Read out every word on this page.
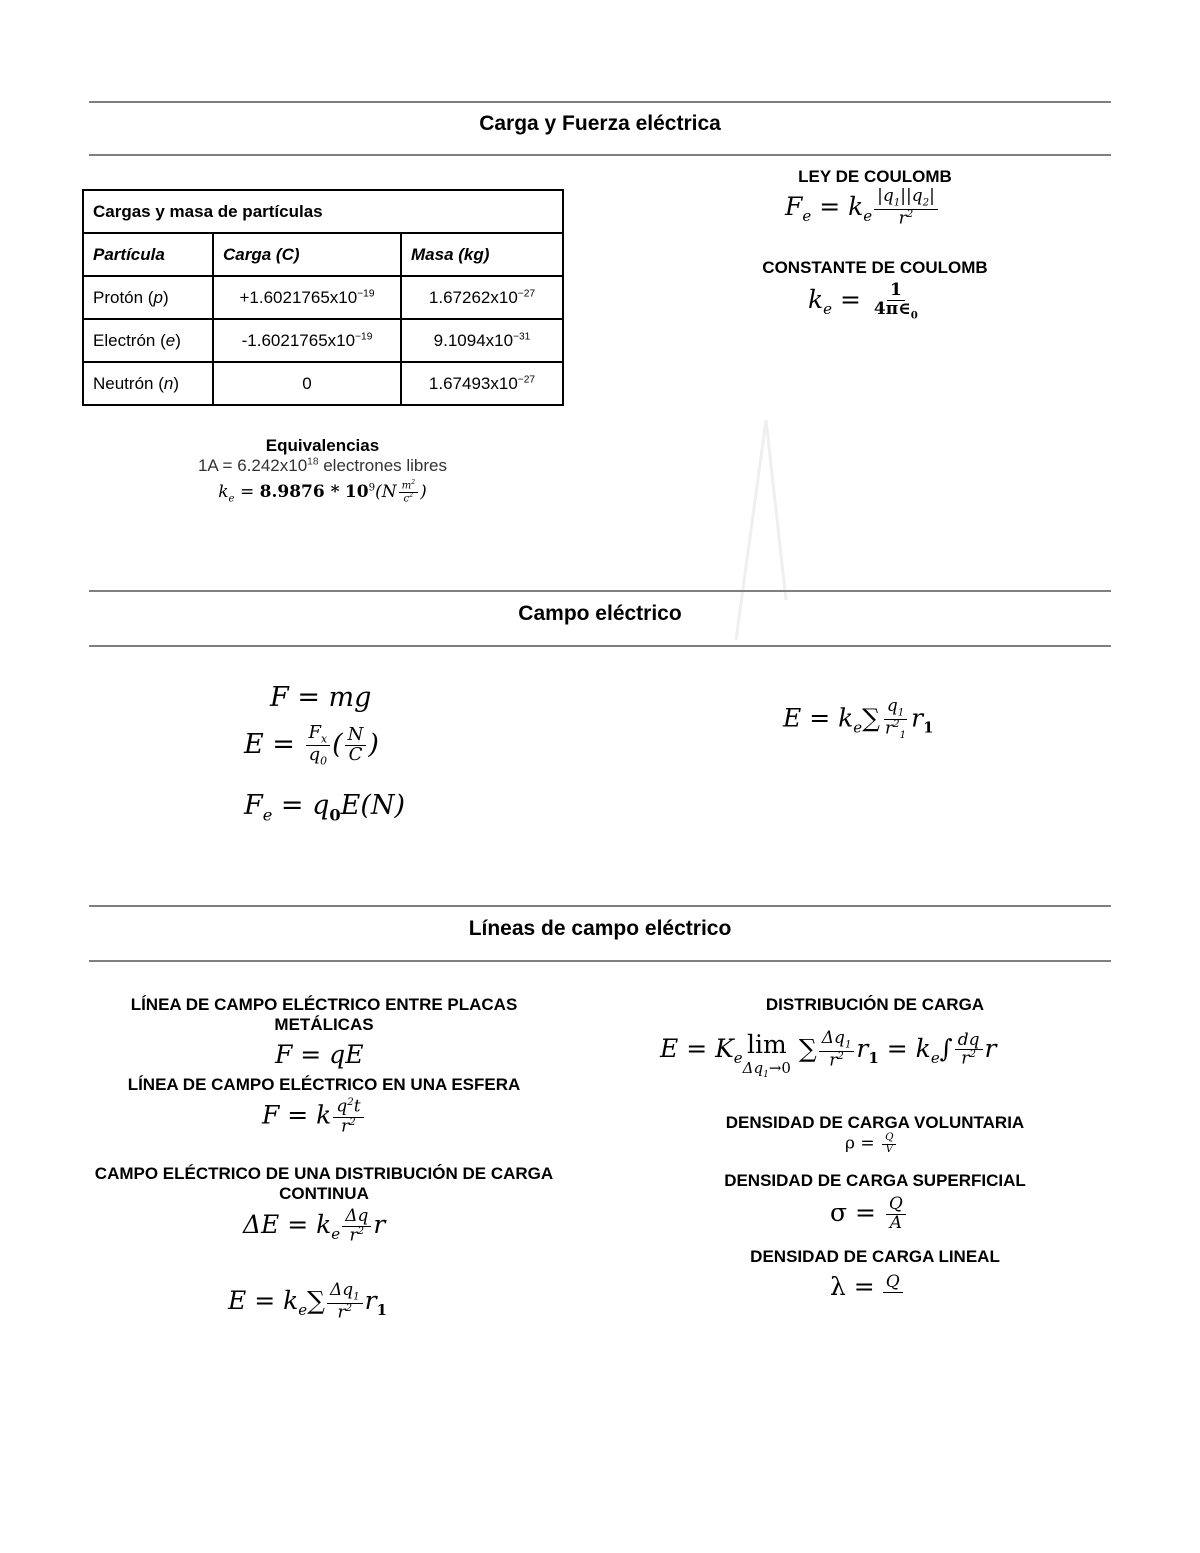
Carga y Fuerza eléctrica
Cargas y masa de partículas		
Partícula	Carga (C)	Masa (kg)
Protón (p)	$+1.6021765x10^{-19}$	$1.67262x10^{-27}$
Electrón (e)	$-1.6021765x10^{-19}$	$9.1094x10^{-31}$
Neutrón (n)	0	$1.67493x10^{-27}$
Equivalencias
$1A = 6.242x10^{18}$ electrones libres
$k_e = 8.9876 * 10^9(N \frac{m^2}{c^2}$ )
LEY DE COULOMB
$F_e = k_e \frac{|q_1||q_2|}{r^2}$
CONSTANTE DE COULOMB
$k_e = \frac{1}{4\pi\in_0}$
Campo eléctrico
F = mg
$E = \frac{F_x}{q_0}$ ( $\frac{N}{C}$ )
$F_e = q_0E(N)$
$E = k_e\sum \frac{q_1}{r^2_1} r_1$
Líneas de campo eléctrico
LÍNEA DE CAMPO ELÉCTRICO ENTRE PLACAS METÁLICAS
F = qE
LÍNEA DE CAMPO ELÉCTRICO EN UNA ESFERA
F = k $\frac{q^2t}{r^2}$
CAMPO ELÉCTRICO DE UNA DISTRIBUCIÓN DE CARGA CONTINUA
$\Delta E = k_e \frac{\Delta q}{r^2}$ r
$E = k_e\sum \frac{\Delta q_1}{r^2} r_1$
DISTRIBUCIÓN DE CARGA
$E = K_e$ lim
$\Delta q_1\to 0$
∑ $\frac{\Delta q_1}{r^2} r_1 = k_e\int \frac{dq}{r^2}$ r
DENSIDAD DE CARGA VOLUNTARIA
$\rho = \frac{Q}{V}$
DENSIDAD DE CARGA SUPERFICIAL
$\sigma = \frac{Q}{A}$
DENSIDAD DE CARGA LINEAL
λ = Q
